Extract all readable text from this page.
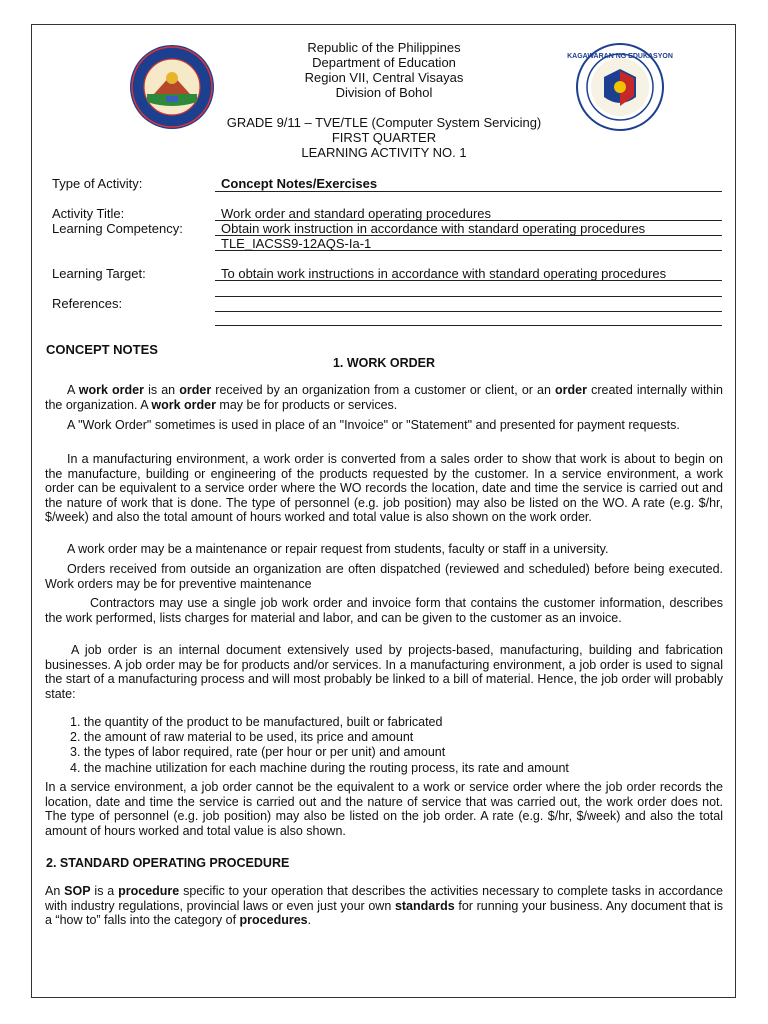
KAGAWARAN NG EDUKASYON
Republic of the Philippines
Department of Education
Region VII, Central Visayas
Division of Bohol
GRADE 9/11 – TVE/TLE (Computer System Servicing)
FIRST QUARTER
LEARNING ACTIVITY NO. 1
Type of Activity:	Concept Notes/Exercises
Activity Title:	Work order and standard operating procedures
Learning Competency:	Obtain work instruction in accordance with standard operating procedures
TLE_IACSS9-12AQS-Ia-1
Learning Target:	To obtain work instructions in accordance with standard operating procedures
References:
CONCEPT NOTES
1. WORK ORDER
A work order is an order received by an organization from a customer or client, or an order created internally within the organization. A work order may be for products or services.
A "Work Order" sometimes is used in place of an "Invoice" or "Statement" and presented for payment requests.
In a manufacturing environment, a work order is converted from a sales order to show that work is about to begin on the manufacture, building or engineering of the products requested by the customer. In a service environment, a work order can be equivalent to a service order where the WO records the location, date and time the service is carried out and the nature of work that is done. The type of personnel (e.g. job position) may also be listed on the WO. A rate (e.g. $/hr, $/week) and also the total amount of hours worked and total value is also shown on the work order.
A work order may be a maintenance or repair request from students, faculty or staff in a university.
Orders received from outside an organization are often dispatched (reviewed and scheduled) before being executed. Work orders may be for preventive maintenance
Contractors may use a single job work order and invoice form that contains the customer information, describes the work performed, lists charges for material and labor, and can be given to the customer as an invoice.
A job order is an internal document extensively used by projects-based, manufacturing, building and fabrication businesses. A job order may be for products and/or services. In a manufacturing environment, a job order is used to signal the start of a manufacturing process and will most probably be linked to a bill of material. Hence, the job order will probably state:
1. the quantity of the product to be manufactured, built or fabricated
2. the amount of raw material to be used, its price and amount
3. the types of labor required, rate (per hour or per unit) and amount
4. the machine utilization for each machine during the routing process, its rate and amount
In a service environment, a job order cannot be the equivalent to a work or service order where the job order records the location, date and time the service is carried out and the nature of service that was carried out, the work order does not. The type of personnel (e.g. job position) may also be listed on the job order. A rate (e.g. $/hr, $/week) and also the total amount of hours worked and total value is also shown.
2. STANDARD OPERATING PROCEDURE
An SOP is a procedure specific to your operation that describes the activities necessary to complete tasks in accordance with industry regulations, provincial laws or even just your own standards for running your business. Any document that is a “how to” falls into the category of procedures.
